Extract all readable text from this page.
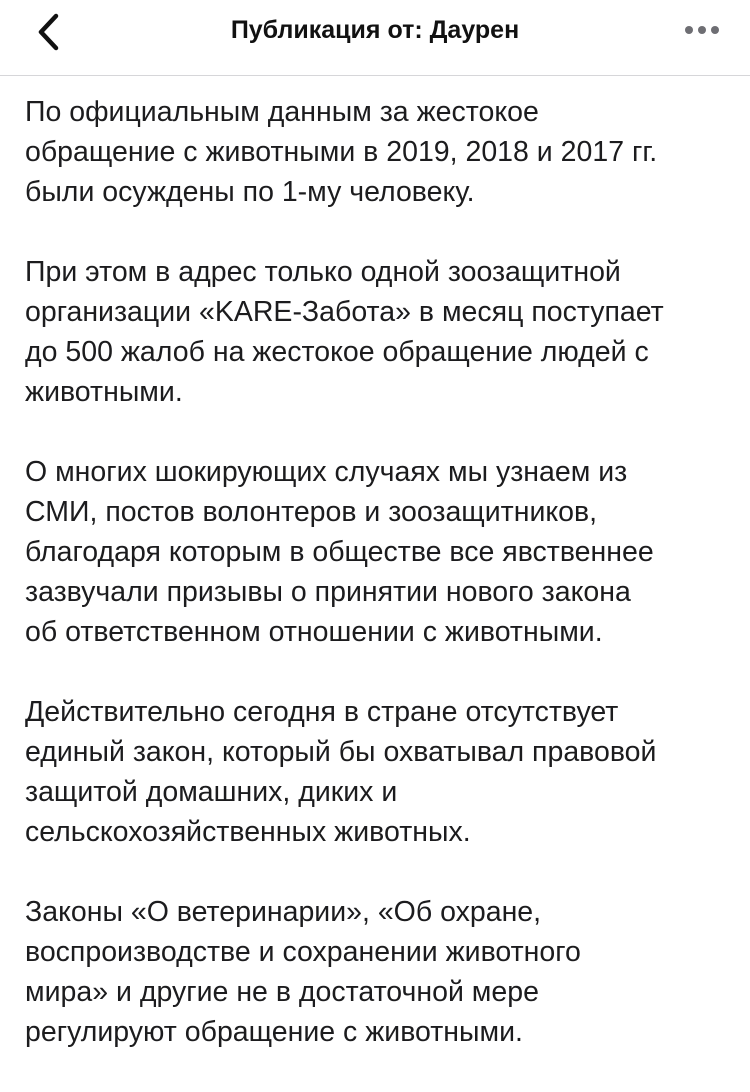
Публикация от: Даурен

По официальным данным за жестокое
обращение с животными в 2019, 2018 и 2017 гг.
были осуждены по 1-му человеку.

При этом в адрес только одной зоозащитной
организации «KARE-Забота» в месяц поступает
до 500 жалоб на жестокое обращение людей с
животными.

О многих шокирующих случаях мы узнаем из
СМИ, постов волонтеров и зоозащитников,
благодаря которым в обществе все явственнее
зазвучали призывы о принятии нового закона
об ответственном отношении с животными.

Действительно сегодня в стране отсутствует
единый закон, который бы охватывал правовой
защитой домашних, диких и
сельскохозяйственных животных.

Законы «О ветеринарии», «Об охране,
воспроизводстве и сохранении животного
мира» и другие не в достаточной мере
регулируют обращение с животными.
